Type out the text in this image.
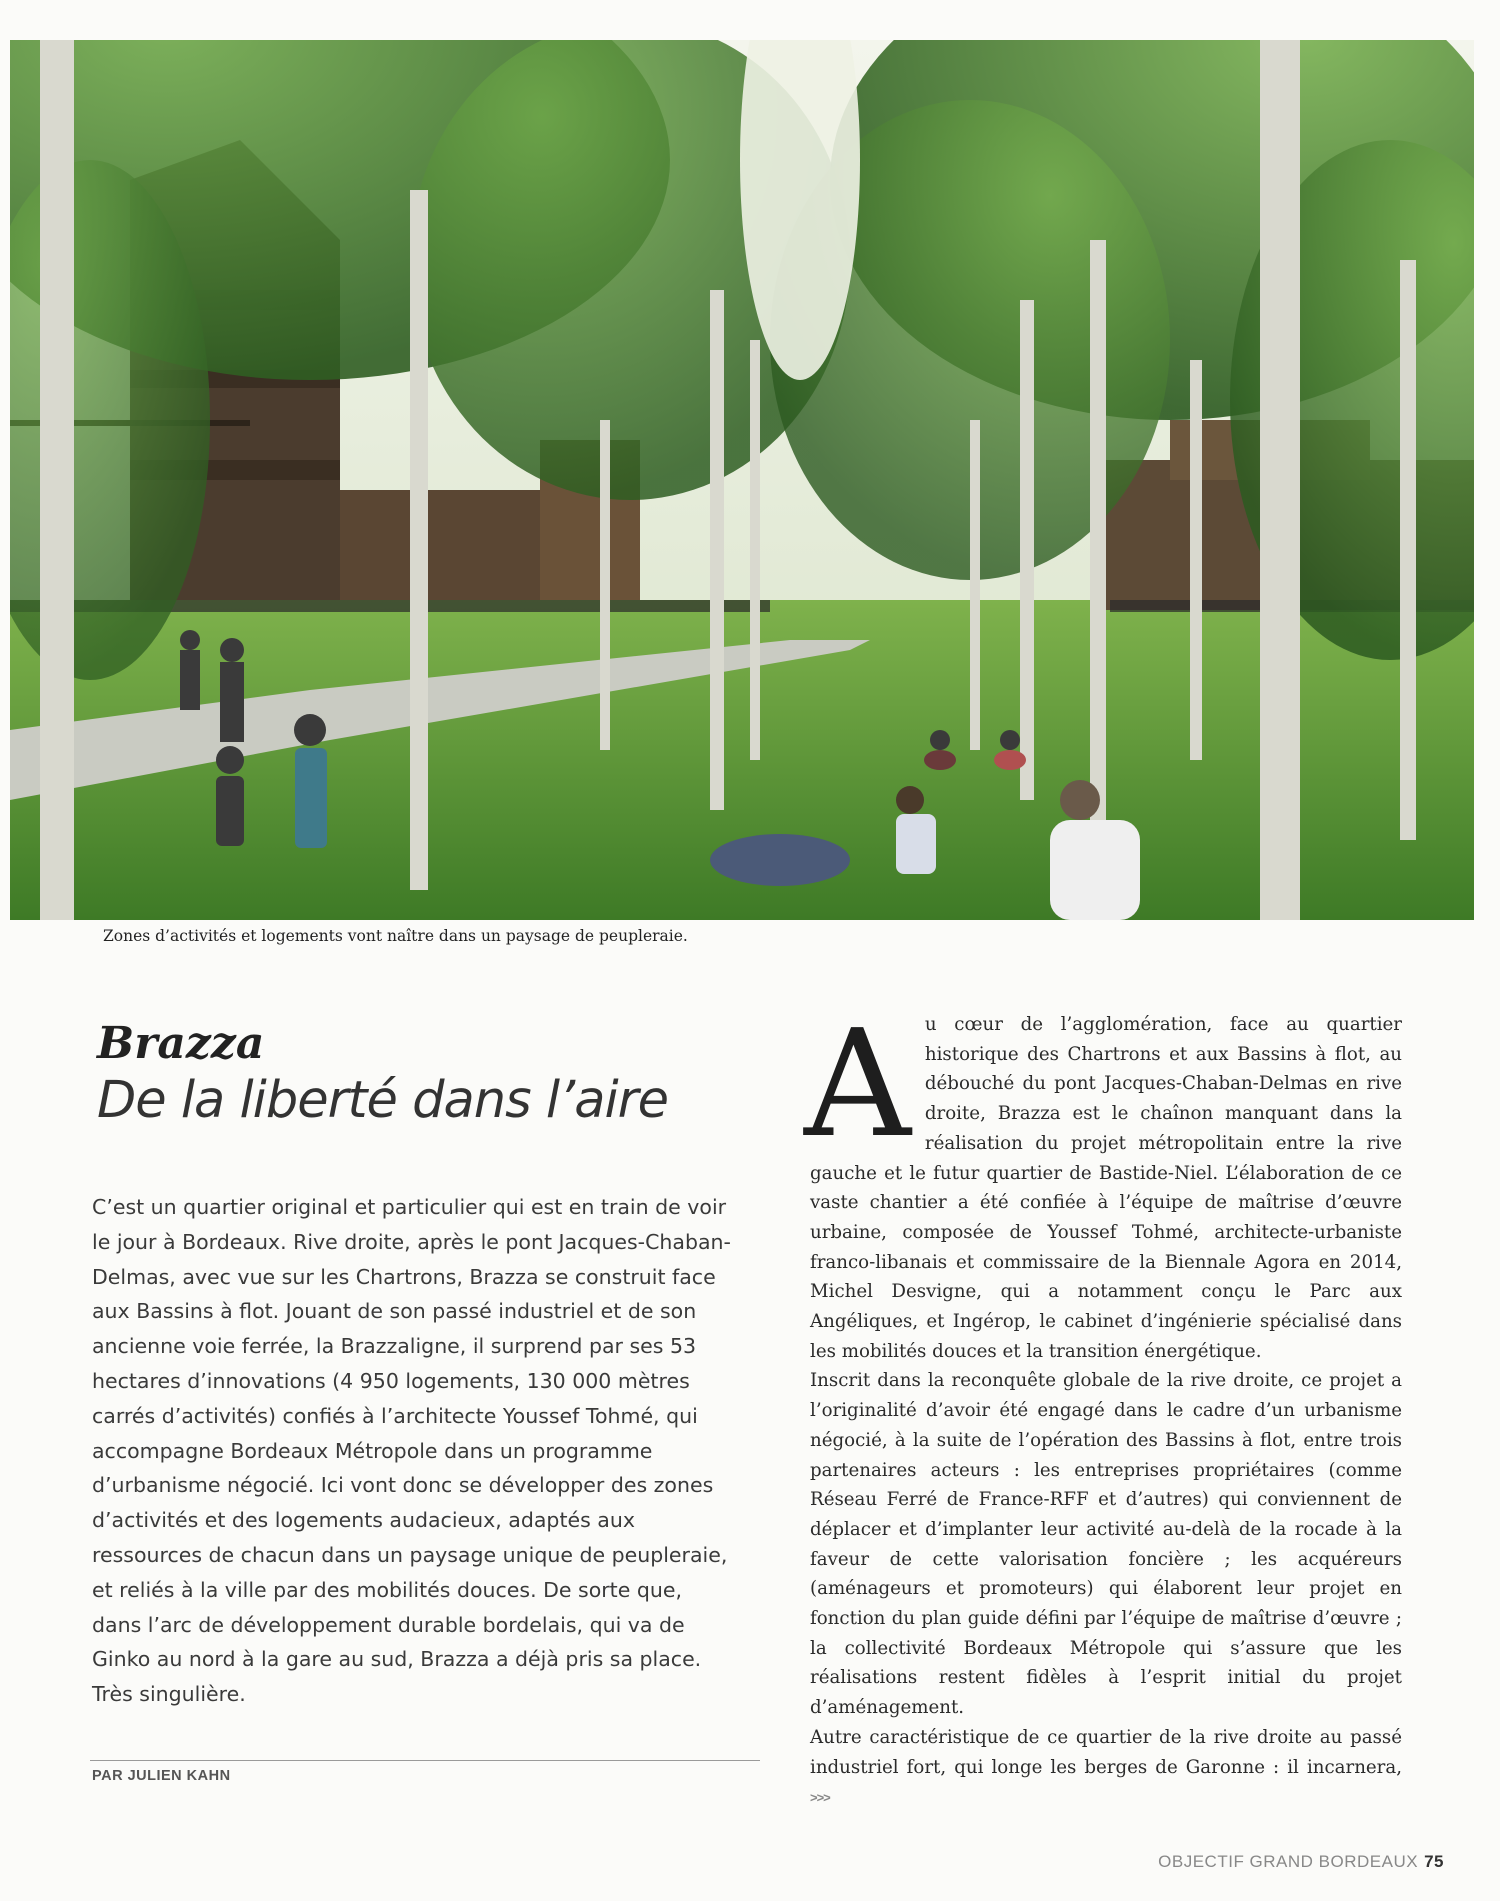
Zones d’activités et logements vont naître dans un paysage de peupleraie.
Brazza
De la liberté dans l’aire

C’est un quartier original et particulier qui est en train de voir le jour à Bordeaux. Rive droite, après le pont Jacques-Chaban-Delmas, avec vue sur les Chartrons, Brazza se construit face aux Bassins à flot. Jouant de son passé industriel et de son ancienne voie ferrée, la Brazzaligne, il surprend par ses 53 hectares d’innovations (4 950 logements, 130 000 mètres carrés d’activités) confiés à l’architecte Youssef Tohmé, qui accompagne Bordeaux Métropole dans un programme d’urbanisme négocié. Ici vont donc se développer des zones d’activités et des logements audacieux, adaptés aux ressources de chacun dans un paysage unique de peupleraie, et reliés à la ville par des mobilités douces. De sorte que, dans l’arc de développement durable bordelais, qui va de Ginko au nord à la gare au sud, Brazza a déjà pris sa place. Très singulière.

PAR JULIEN KAHN

Au cœur de l’agglomération, face au quartier historique des Chartrons et aux Bassins à flot, au débouché du pont Jacques-Chaban-Delmas en rive droite, Brazza est le chaînon manquant dans la réalisation du projet métropolitain entre la rive gauche et le futur quartier de Bastide-Niel. L’élaboration de ce vaste chantier a été confiée à l’équipe de maîtrise d’œuvre urbaine, composée de Youssef Tohmé, architecte-urbaniste franco-libanais et commissaire de la Biennale Agora en 2014, Michel Desvigne, qui a notamment conçu le Parc aux Angéliques, et Ingérop, le cabinet d’ingénierie spécialisé dans les mobilités douces et la transition énergétique.

Inscrit dans la reconquête globale de la rive droite, ce projet a l’originalité d’avoir été engagé dans le cadre d’un urbanisme négocié, à la suite de l’opération des Bassins à flot, entre trois partenaires acteurs : les entreprises propriétaires (comme Réseau Ferré de France-RFF et d’autres) qui conviennent de déplacer et d’implanter leur activité au-delà de la rocade à la faveur de cette valorisation foncière ; les acquéreurs (aménageurs et promoteurs) qui élaborent leur projet en fonction du plan guide défini par l’équipe de maîtrise d’œuvre ; la collectivité Bordeaux Métropole qui s’assure que les réalisations restent fidèles à l’esprit initial du projet d’aménagement.

Autre caractéristique de ce quartier de la rive droite au passé industriel fort, qui longe les berges de Garonne : il incarnera, >>>

OBJECTIF GRAND BORDEAUX 75
